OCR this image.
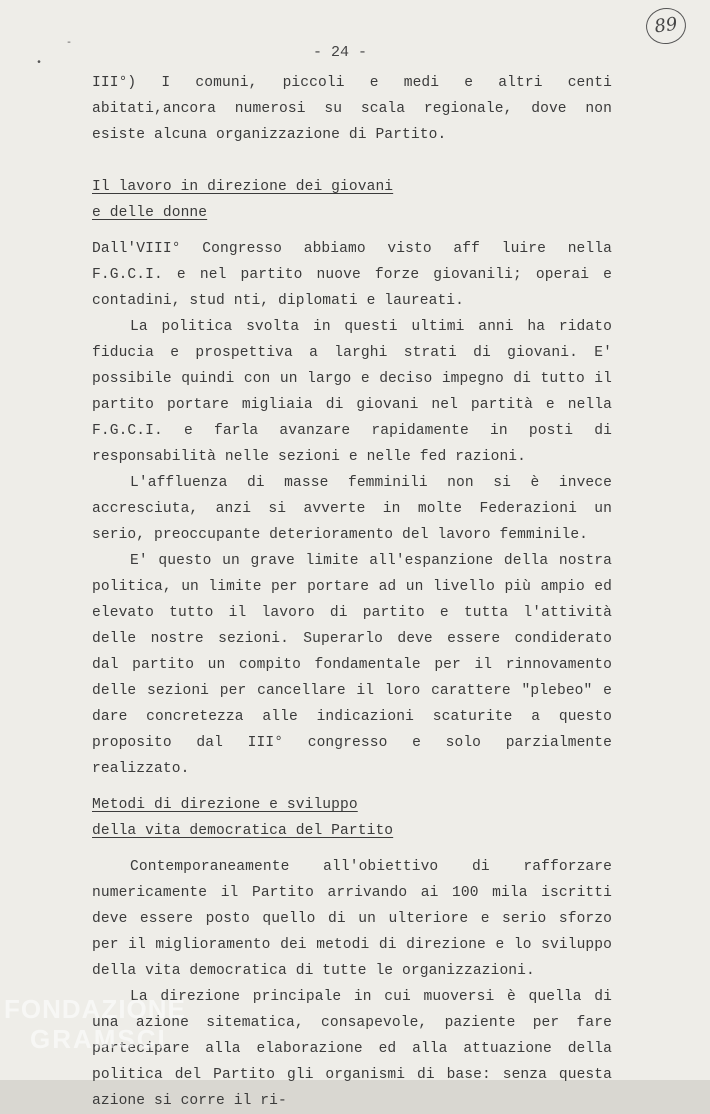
89
-
•
- 24 -

III°) I comuni, piccoli e medi e altri centi abitati,ancora numerosi su scala regionale, dove non esiste alcuna organizzazione di Partito.

Il lavoro in direzione dei giovani
e delle donne

Dall'VIII° Congresso abbiamo visto aff luire nella F.G.C.I. e nel partito nuove forze giovanili; operai e contadini, stud nti, diplomati e laureati.

La politica svolta in questi ultimi anni ha ridato fiducia e prospettiva a larghi strati di giovani. E' possibile quindi con un largo e deciso impegno di tutto il partito portare migliaia di giovani nel partità e nella F.G.C.I. e farla avanzare rapidamente in posti di responsabilità nelle sezioni e nelle fed razioni.

L'affluenza di masse femminili non si è invece accresciuta, anzi si avverte in molte Federazioni un serio, preoccupante deterioramento del lavoro femminile.

E' questo un grave limite all'espanzione della nostra politica, un limite per portare ad un livello più ampio ed elevato tutto il lavoro di partito e tutta l'attività delle nostre sezioni. Superarlo deve essere condiderato dal partito un compito fondamentale per il rinnovamento delle sezioni per cancellare il loro carattere "plebeo" e dare concretezza alle indicazioni scaturite a questo proposito dal III° congresso e solo parzialmente realizzato.

Metodi di direzione e sviluppo
della vita democratica del Partito

Contemporaneamente all'obiettivo di rafforzare numericamente il Partito arrivando ai 100 mila iscritti deve essere posto quello di un ulteriore e serio sforzo per il miglioramento dei metodi di direzione e lo sviluppo della vita democratica di tutte le organizzazioni.

La direzione principale in cui muoversi è quella di una azione sitematica, consapevole, paziente per fare partecipare alla elaborazione ed alla attuazione della politica del Partito gli organismi di base: senza questa azione si corre il ri-

FONDAZIONE
GRAMSCI
